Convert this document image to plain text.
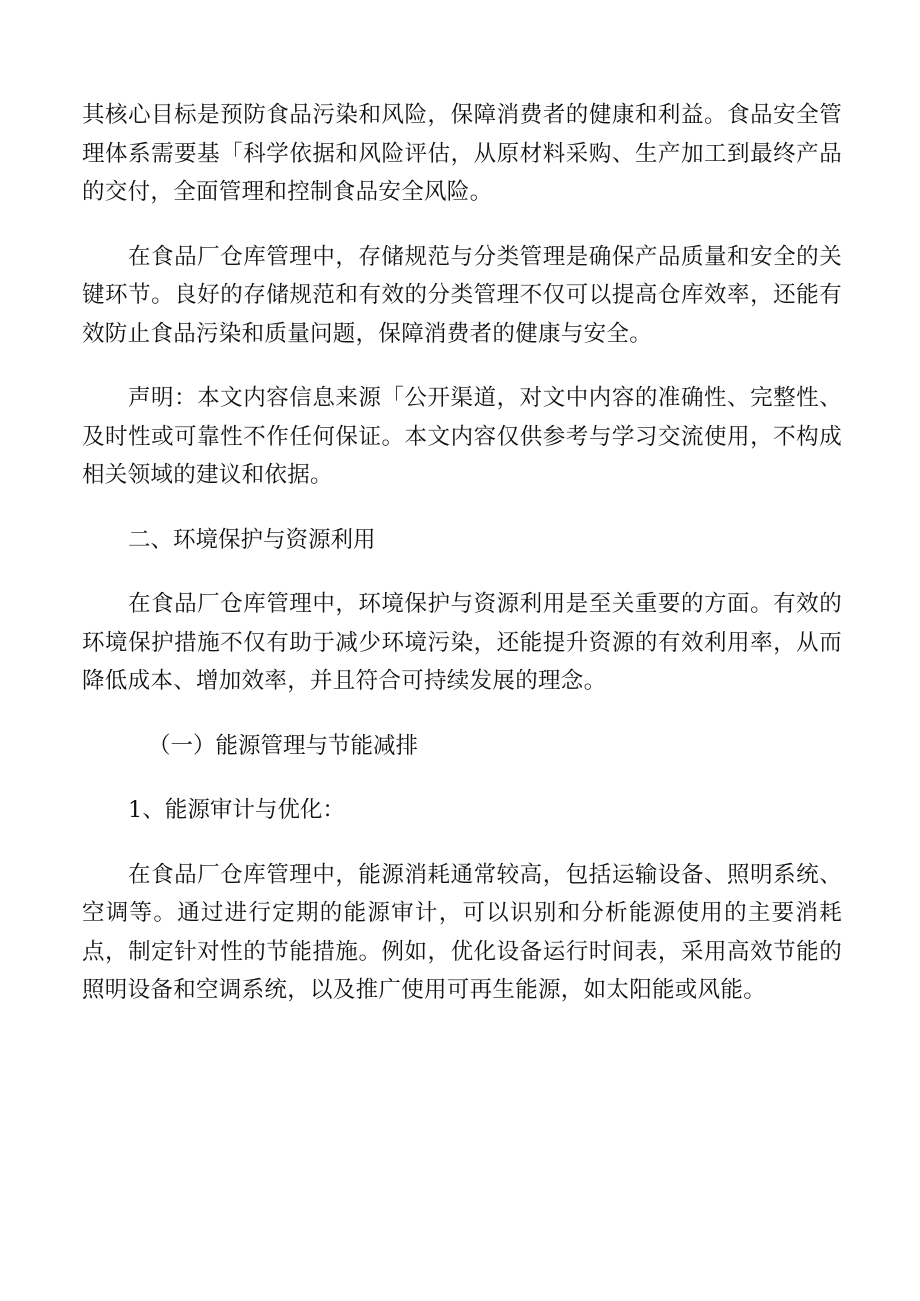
其核心目标是预防食品污染和风险，保障消费者的健康和利益。食品安全管理体系需要基「科学依据和风险评估，从原材料采购、生产加工到最终产品的交付，全面管理和控制食品安全风险。

在食品厂仓库管理中，存储规范与分类管理是确保产品质量和安全的关键环节。良好的存储规范和有效的分类管理不仅可以提高仓库效率，还能有效防止食品污染和质量问题，保障消费者的健康与安全。

声明：本文内容信息来源「公开渠道，对文中内容的准确性、完整性、及时性或可靠性不作任何保证。本文内容仅供参考与学习交流使用，不构成相关领域的建议和依据。

二、环境保护与资源利用

在食品厂仓库管理中，环境保护与资源利用是至关重要的方面。有效的环境保护措施不仅有助于减少环境污染，还能提升资源的有效利用率，从而降低成本、增加效率，并且符合可持续发展的理念。

（一）能源管理与节能减排

1、能源审计与优化：

在食品厂仓库管理中，能源消耗通常较高，包括运输设备、照明系统、空调等。通过进行定期的能源审计，可以识别和分析能源使用的主要消耗点，制定针对性的节能措施。例如，优化设备运行时间表，采用高效节能的照明设备和空调系统，以及推广使用可再生能源，如太阳能或风能。
